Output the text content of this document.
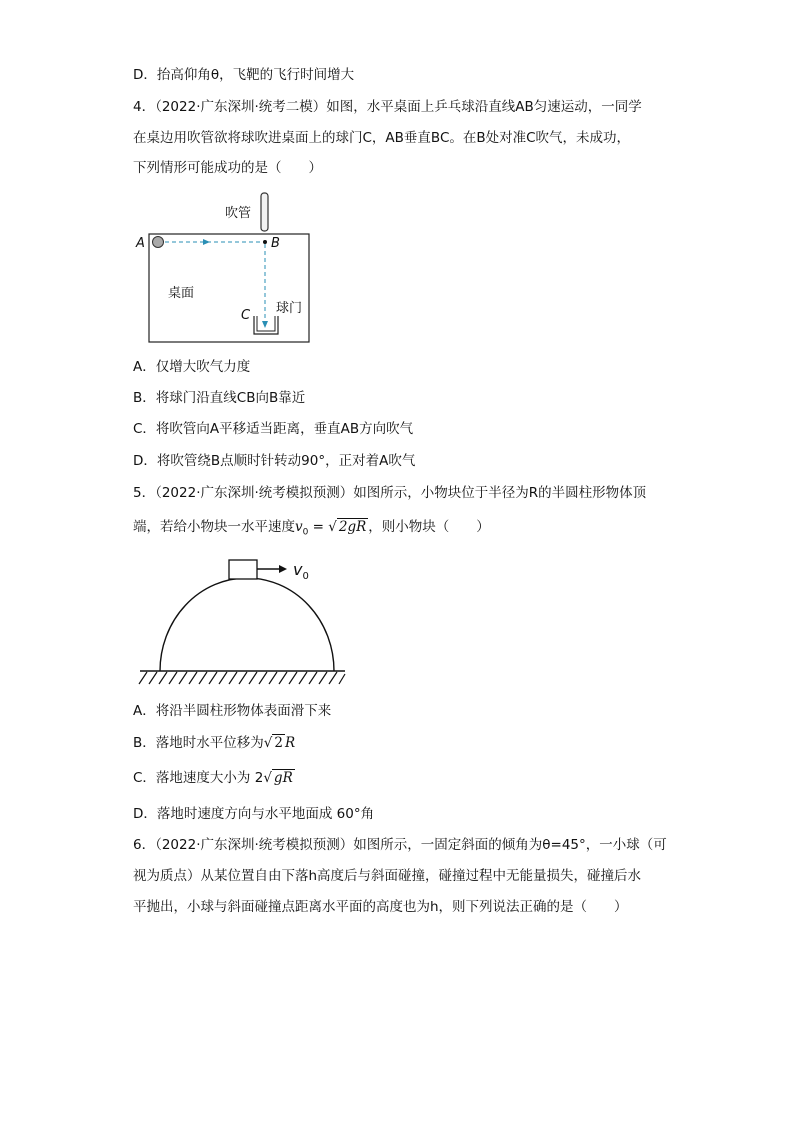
D．抬高仰角θ，飞靶的飞行时间增大
4．（2022·广东深圳·统考二模）如图，水平桌面上乒乓球沿直线AB匀速运动，一同学
在桌边用吹管欲将球吹进桌面上的球门C，AB垂直BC。在B处对准C吹气，未成功，
下列情形可能成功的是（　　）
吹管
桌面
A	B
C 球门
A．仅增大吹气力度
B．将球门沿直线CB向B靠近
C．将吹管向A平移适当距离，垂直AB方向吹气
D．将吹管绕B点顺时针转动90°，正对着A吹气
5．（2022·广东深圳·统考模拟预测）如图所示，小物块位于半径为R的半圆柱形物体顶
端，若给小物块一水平速度$v_0$ = √ 2gR ，则小物块（　　）
$v_0$
A．将沿半圆柱形物体表面滑下来
B．落地时水平位移为√ 2 R
C．落地速度大小为 2√ gR
D．落地时速度方向与水平地面成 60°角
6．（2022·广东深圳·统考模拟预测）如图所示，一固定斜面的倾角为θ=45°，一小球（可
视为质点）从某位置自由下落h高度后与斜面碰撞，碰撞过程中无能量损失，碰撞后水
平抛出，小球与斜面碰撞点距离水平面的高度也为h，则下列说法正确的是（　　）
